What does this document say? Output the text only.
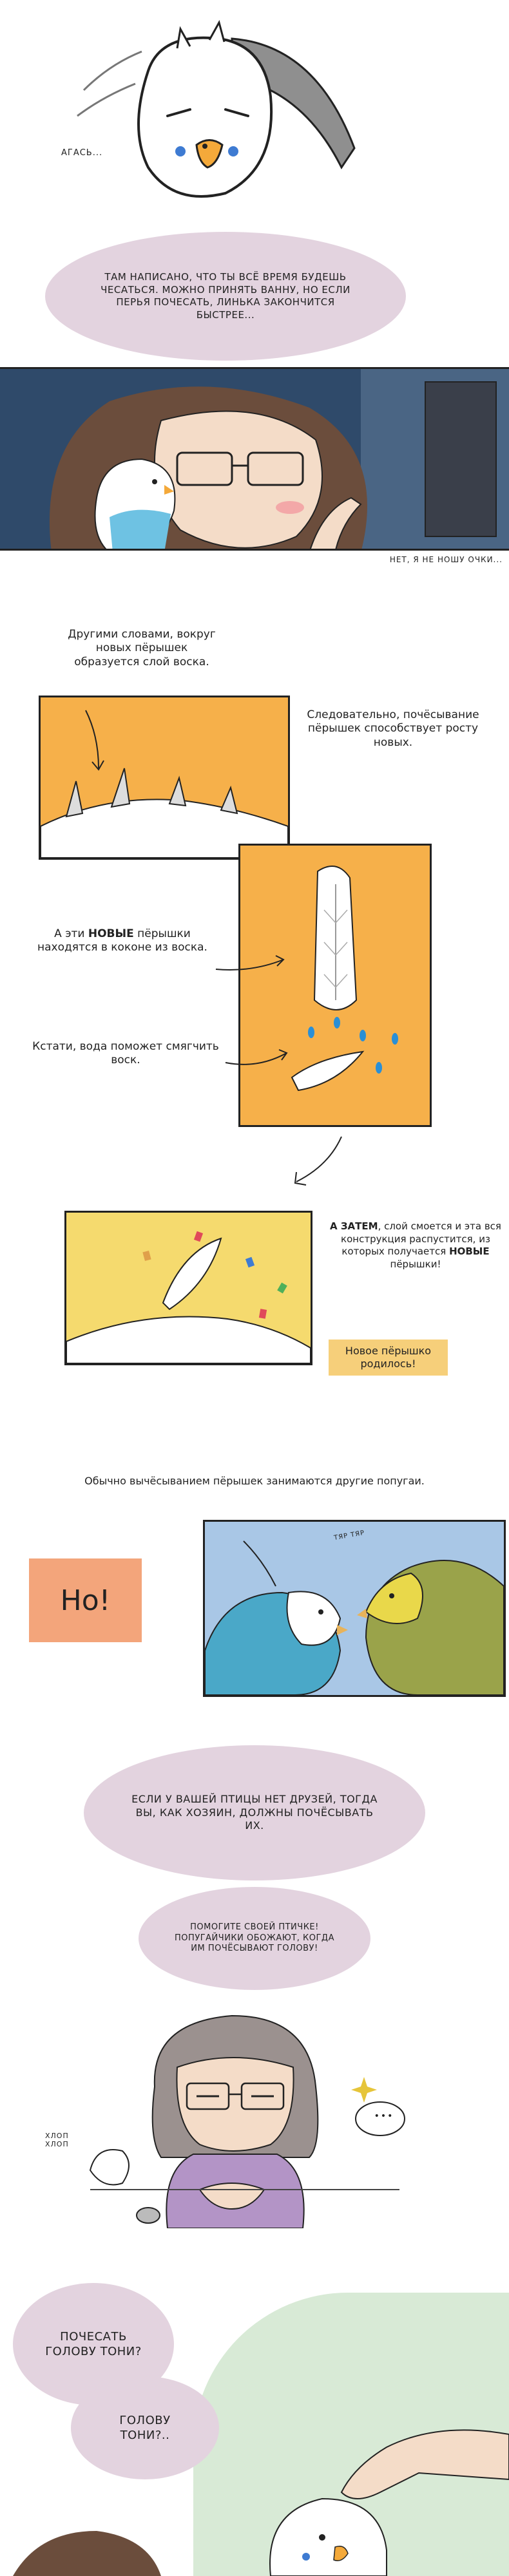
АГАСЬ...
ТАМ НАПИСАНО, ЧТО ТЫ ВСЁ ВРЕМЯ БУДЕШЬ ЧЕСАТЬСЯ. МОЖНО ПРИНЯТЬ ВАННУ, НО ЕСЛИ ПЕРЬЯ ПОЧЕСАТЬ, ЛИНЬКА ЗАКОНЧИТСЯ БЫСТРЕЕ...
НЕТ, Я НЕ НОШУ ОЧКИ...
Другими словами, вокруг новых пёрышек образуется слой воска.
Следовательно, почёсывание пёрышек способствует росту новых.
А эти НОВЫЕ пёрышки находятся в коконе из воска.
Кстати, вода поможет смягчить воск.
А ЗАТЕМ, слой смоется и эта вся конструкция распустится, из которых получается НОВЫЕ пёрышки!
Новое пёрышко родилось!
Обычно вычёсыванием пёрышек занимаются другие попугаи.
Но!
ТЯР ТЯР
ЕСЛИ У ВАШЕЙ ПТИЦЫ НЕТ ДРУЗЕЙ, ТОГДА ВЫ, КАК ХОЗЯИН, ДОЛЖНЫ ПОЧЁСЫВАТЬ ИХ.
ПОМОГИТЕ СВОЕЙ ПТИЧКЕ! ПОПУГАЙЧИКИ ОБОЖАЮТ, КОГДА ИМ ПОЧЁСЫВАЮТ ГОЛОВУ!
ХЛОП ХЛОП
•••
ПОЧЕСАТЬ ГОЛОВУ ТОНИ?
ГОЛОВУ ТОНИ?..
